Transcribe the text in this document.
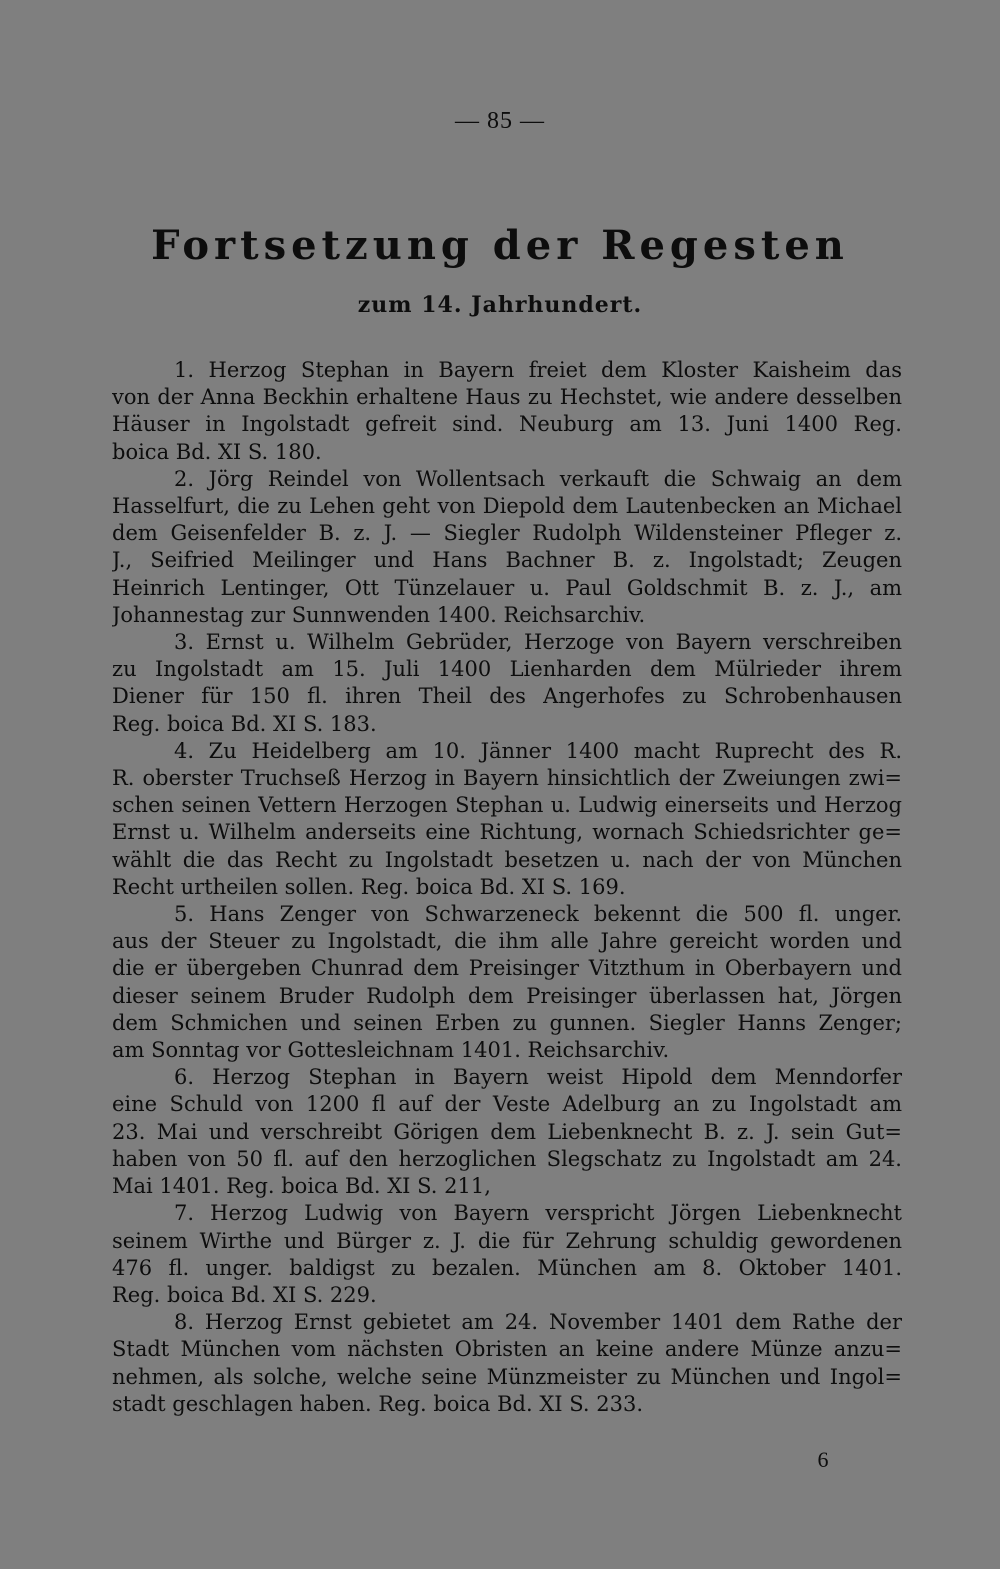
— 85 —
Fortsetzung der Regesten
zum 14. Jahrhundert.
1. Herzog Stephan in Bayern freiet dem Kloster Kaisheim das
von der Anna Beckhin erhaltene Haus zu Hechstet, wie andere desselben
Häuser in Ingolstadt gefreit sind. Neuburg am 13. Juni 1400 Reg.
boica Bd. XI S. 180.
2. Jörg Reindel von Wollentsach verkauft die Schwaig an dem
Hasselfurt, die zu Lehen geht von Diepold dem Lautenbecken an Michael
dem Geisenfelder B. z. J. — Siegler Rudolph Wildensteiner Pfleger z.
J., Seifried Meilinger und Hans Bachner B. z. Ingolstadt; Zeugen
Heinrich Lentinger, Ott Tünzelauer u. Paul Goldschmit B. z. J., am
Johannestag zur Sunnwenden 1400. Reichsarchiv.
3. Ernst u. Wilhelm Gebrüder, Herzoge von Bayern verschreiben
zu Ingolstadt am 15. Juli 1400 Lienharden dem Mülrieder ihrem
Diener für 150 fl. ihren Theil des Angerhofes zu Schrobenhausen
Reg. boica Bd. XI S. 183.
4. Zu Heidelberg am 10. Jänner 1400 macht Ruprecht des R.
R. oberster Truchseß Herzog in Bayern hinsichtlich der Zweiungen zwi=
schen seinen Vettern Herzogen Stephan u. Ludwig einerseits und Herzog
Ernst u. Wilhelm anderseits eine Richtung, wornach Schiedsrichter ge=
wählt die das Recht zu Ingolstadt besetzen u. nach der von München
Recht urtheilen sollen. Reg. boica Bd. XI S. 169.
5. Hans Zenger von Schwarzeneck bekennt die 500 fl. unger.
aus der Steuer zu Ingolstadt, die ihm alle Jahre gereicht worden und
die er übergeben Chunrad dem Preisinger Vitzthum in Oberbayern und
dieser seinem Bruder Rudolph dem Preisinger überlassen hat, Jörgen
dem Schmichen und seinen Erben zu gunnen. Siegler Hanns Zenger;
am Sonntag vor Gottesleichnam 1401. Reichsarchiv.
6. Herzog Stephan in Bayern weist Hipold dem Menndorfer
eine Schuld von 1200 fl auf der Veste Adelburg an zu Ingolstadt am
23. Mai und verschreibt Görigen dem Liebenknecht B. z. J. sein Gut=
haben von 50 fl. auf den herzoglichen Slegschatz zu Ingolstadt am 24.
Mai 1401. Reg. boica Bd. XI S. 211,
7. Herzog Ludwig von Bayern verspricht Jörgen Liebenknecht
seinem Wirthe und Bürger z. J. die für Zehrung schuldig gewordenen
476 fl. unger. baldigst zu bezalen. München am 8. Oktober 1401.
Reg. boica Bd. XI S. 229.
8. Herzog Ernst gebietet am 24. November 1401 dem Rathe der
Stadt München vom nächsten Obristen an keine andere Münze anzu=
nehmen, als solche, welche seine Münzmeister zu München und Ingol=
stadt geschlagen haben. Reg. boica Bd. XI S. 233.
6
